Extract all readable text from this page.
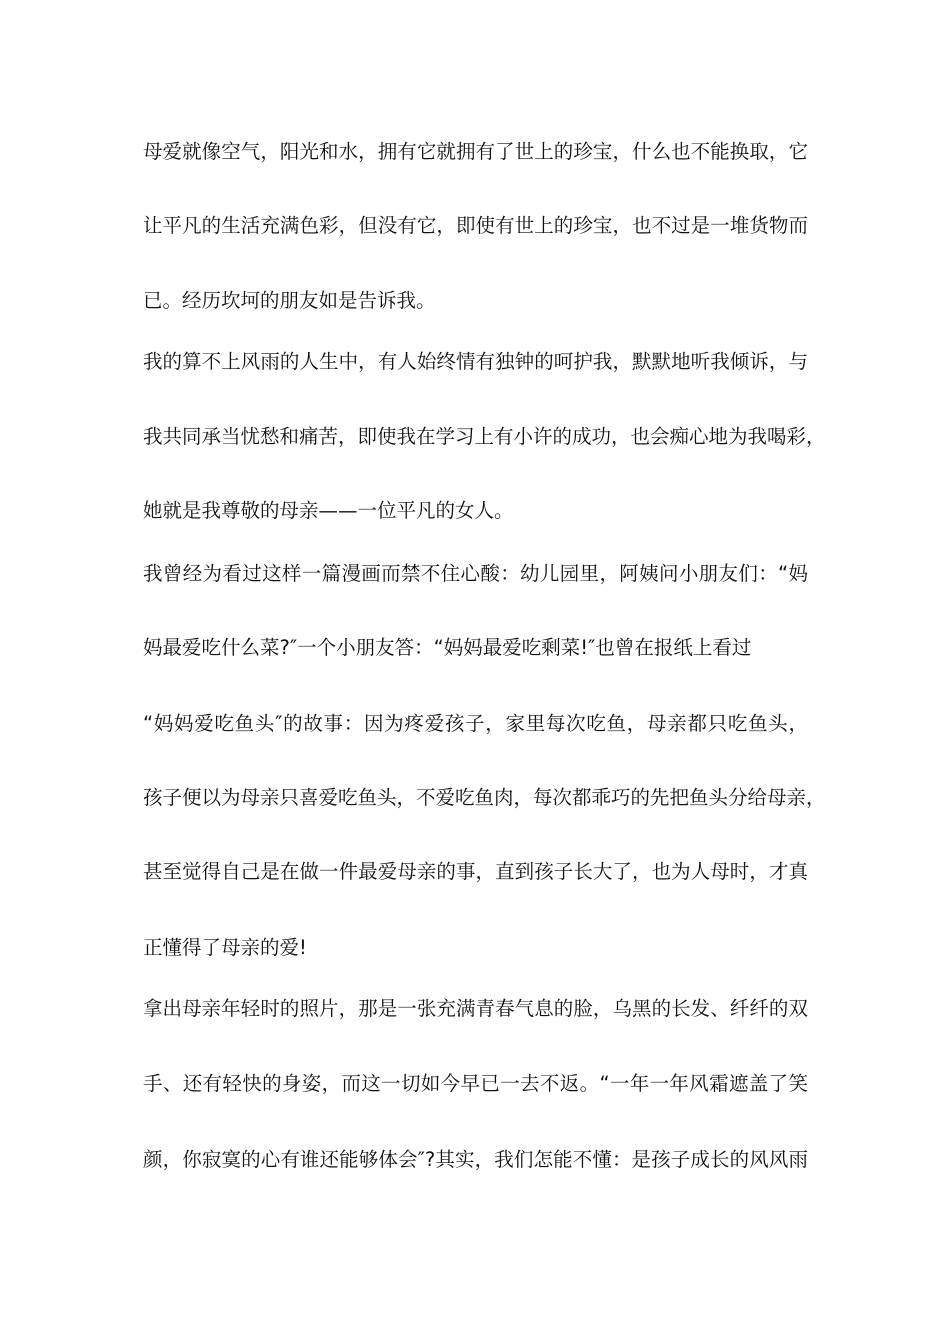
母爱就像空气，阳光和水，拥有它就拥有了世上的珍宝，什么也不能换取，它
让平凡的生活充满色彩，但没有它，即使有世上的珍宝，也不过是一堆货物而
已。经历坎坷的朋友如是告诉我。
我的算不上风雨的人生中，有人始终情有独钟的呵护我，默默地听我倾诉，与
我共同承当忧愁和痛苦，即使我在学习上有小许的成功，也会痴心地为我喝彩，
她就是我尊敬的母亲——一位平凡的女人。
我曾经为看过这样一篇漫画而禁不住心酸：幼儿园里，阿姨问小朋友们：“妈
妈最爱吃什么菜?″一个小朋友答：“妈妈最爱吃剩菜!″也曾在报纸上看过
“妈妈爱吃鱼头″的故事：因为疼爱孩子，家里每次吃鱼，母亲都只吃鱼头，
孩子便以为母亲只喜爱吃鱼头，不爱吃鱼肉，每次都乖巧的先把鱼头分给母亲，
甚至觉得自己是在做一件最爱母亲的事，直到孩子长大了，也为人母时，才真
正懂得了母亲的爱!
拿出母亲年轻时的照片，那是一张充满青春气息的脸，乌黑的长发、纤纤的双
手、还有轻快的身姿，而这一切如今早已一去不返。“一年一年风霜遮盖了笑
颜，你寂寞的心有谁还能够体会″?其实，我们怎能不懂：是孩子成长的风风雨
